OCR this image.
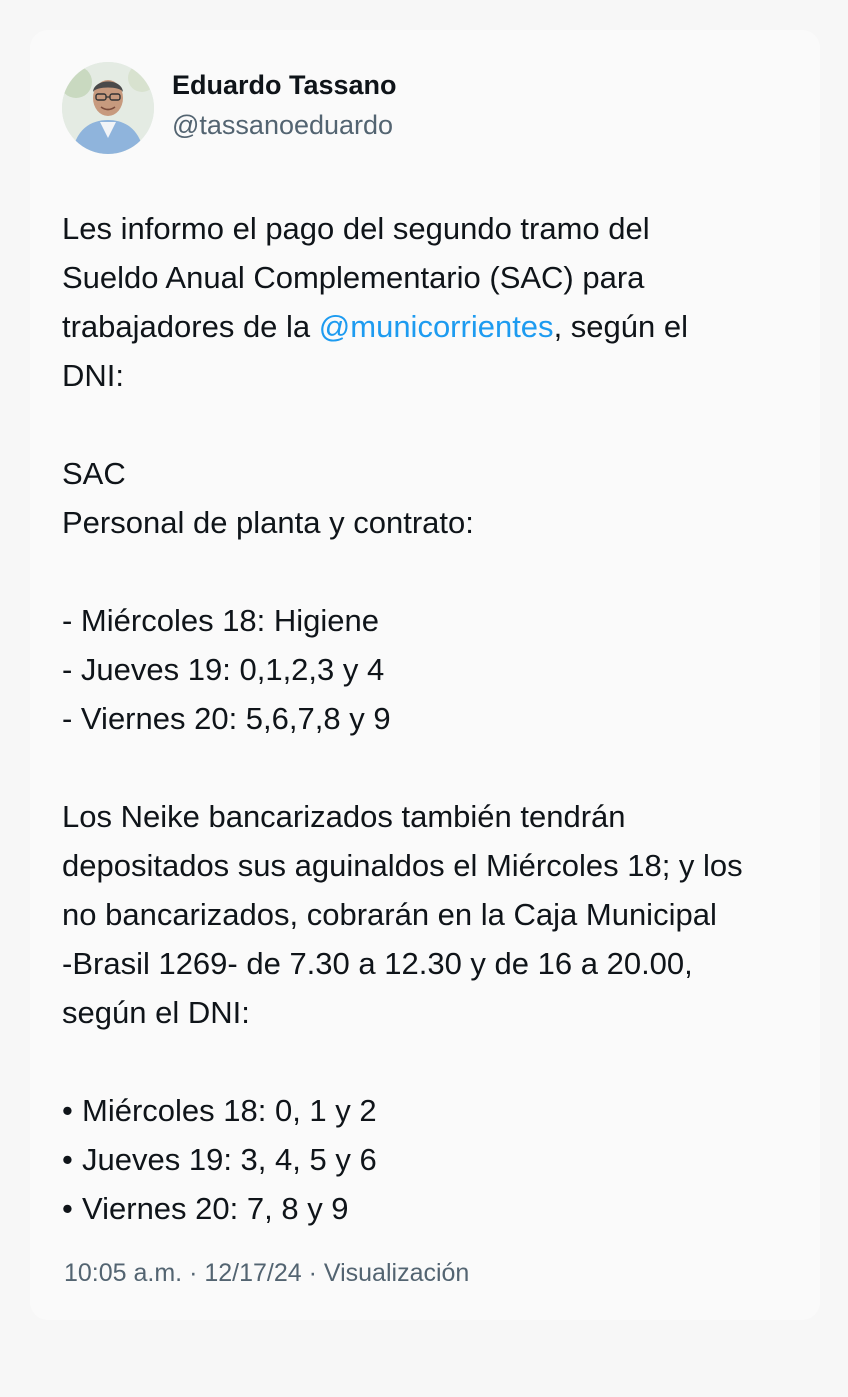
Eduardo Tassano
@tassanoeduardo

Les informo el pago del segundo tramo del

Sueldo Anual Complementario (SAC) para

trabajadores de la @municorrientes, según el

DNI:

SAC

Personal de planta y contrato:

- Miércoles 18: Higiene

- Jueves 19: 0,1,2,3 y 4

- Viernes 20: 5,6,7,8 y 9

Los Neike bancarizados también tendrán

depositados sus aguinaldos el Miércoles 18; y los

no bancarizados, cobrarán en la Caja Municipal

-Brasil 1269- de 7.30 a 12.30 y de 16 a 20.00,

según el DNI:

• Miércoles 18: 0, 1 y 2

• Jueves 19: 3, 4, 5 y 6

• Viernes 20: 7, 8 y 9

10:05 a.m. · 12/17/24 · Visualización
